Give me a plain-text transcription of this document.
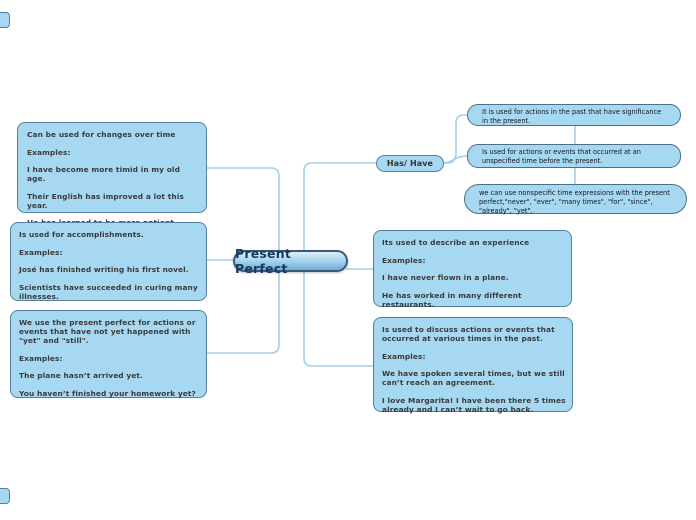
Can be used for changes over time

Examples:

I have become more timid in my old age.

Their English has improved a lot this year.

Is used for accomplishments.

Examples:

José has finished writing his first novel.

Scientists have succeeded in curing many illnesses.

We use the present perfect for actions or events that have not yet happened with "yet" and "still".

Examples:

The plane hasn’t arrived yet.

You haven’t finished your homework yet?

Present Perfect
Has/ Have

It is used for actions in the past that have significance in the present.

Is used for actions or events that occurred at an unspecified time before the present.

we can use nonspecific time expressions with the present perfect,"never", "ever", "many times", "for", "since", "already", "yet".

Its used to describe an experience

Examples:

I have never flown in a plane.

He has worked in many different restaurants.

Is used to discuss actions or events that occurred at various times in the past.

Examples:

We have spoken several times, but we still can’t reach an agreement.

I love Margarita! I have been there 5 times already and I can’t wait to go back.
